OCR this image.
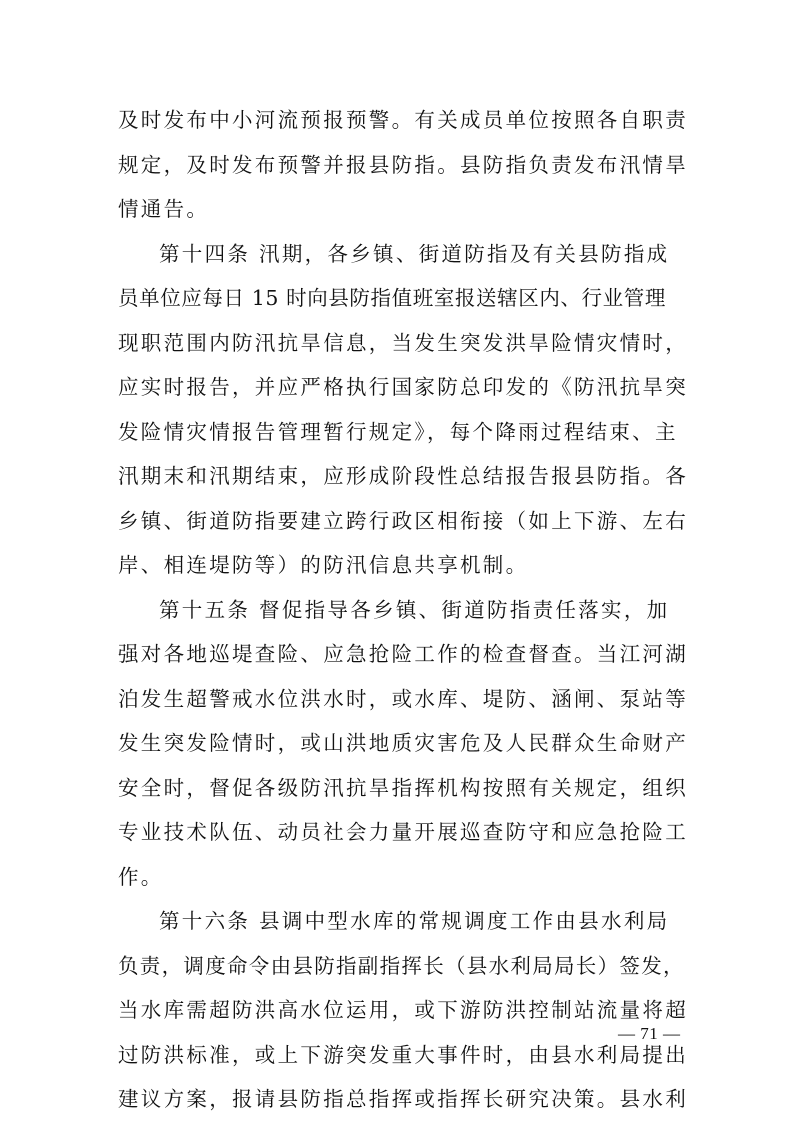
及时发布中小河流预报预警。有关成员单位按照各自职责
规定，及时发布预警并报县防指。县防指负责发布汛情旱
情通告。
第十四条 汛期，各乡镇、街道防指及有关县防指成
员单位应每日 15 时向县防指值班室报送辖区内、行业管理
现职范围内防汛抗旱信息，当发生突发洪旱险情灾情时，
应实时报告，并应严格执行国家防总印发的《防汛抗旱突
发险情灾情报告管理暂行规定》，每个降雨过程结束、主
汛期末和汛期结束，应形成阶段性总结报告报县防指。各
乡镇、街道防指要建立跨行政区相衔接（如上下游、左右
岸、相连堤防等）的防汛信息共享机制。
第十五条 督促指导各乡镇、街道防指责任落实，加
强对各地巡堤查险、应急抢险工作的检查督查。当江河湖
泊发生超警戒水位洪水时，或水库、堤防、涵闸、泵站等
发生突发险情时，或山洪地质灾害危及人民群众生命财产
安全时，督促各级防汛抗旱指挥机构按照有关规定，组织
专业技术队伍、动员社会力量开展巡查防守和应急抢险工
作。
第十六条 县调中型水库的常规调度工作由县水利局
负责，调度命令由县防指副指挥长（县水利局局长）签发，
当水库需超防洪高水位运用，或下游防洪控制站流量将超
过防洪标准，或上下游突发重大事件时，由县水利局提出
建议方案，报请县防指总指挥或指挥长研究决策。县水利
— 71 —
